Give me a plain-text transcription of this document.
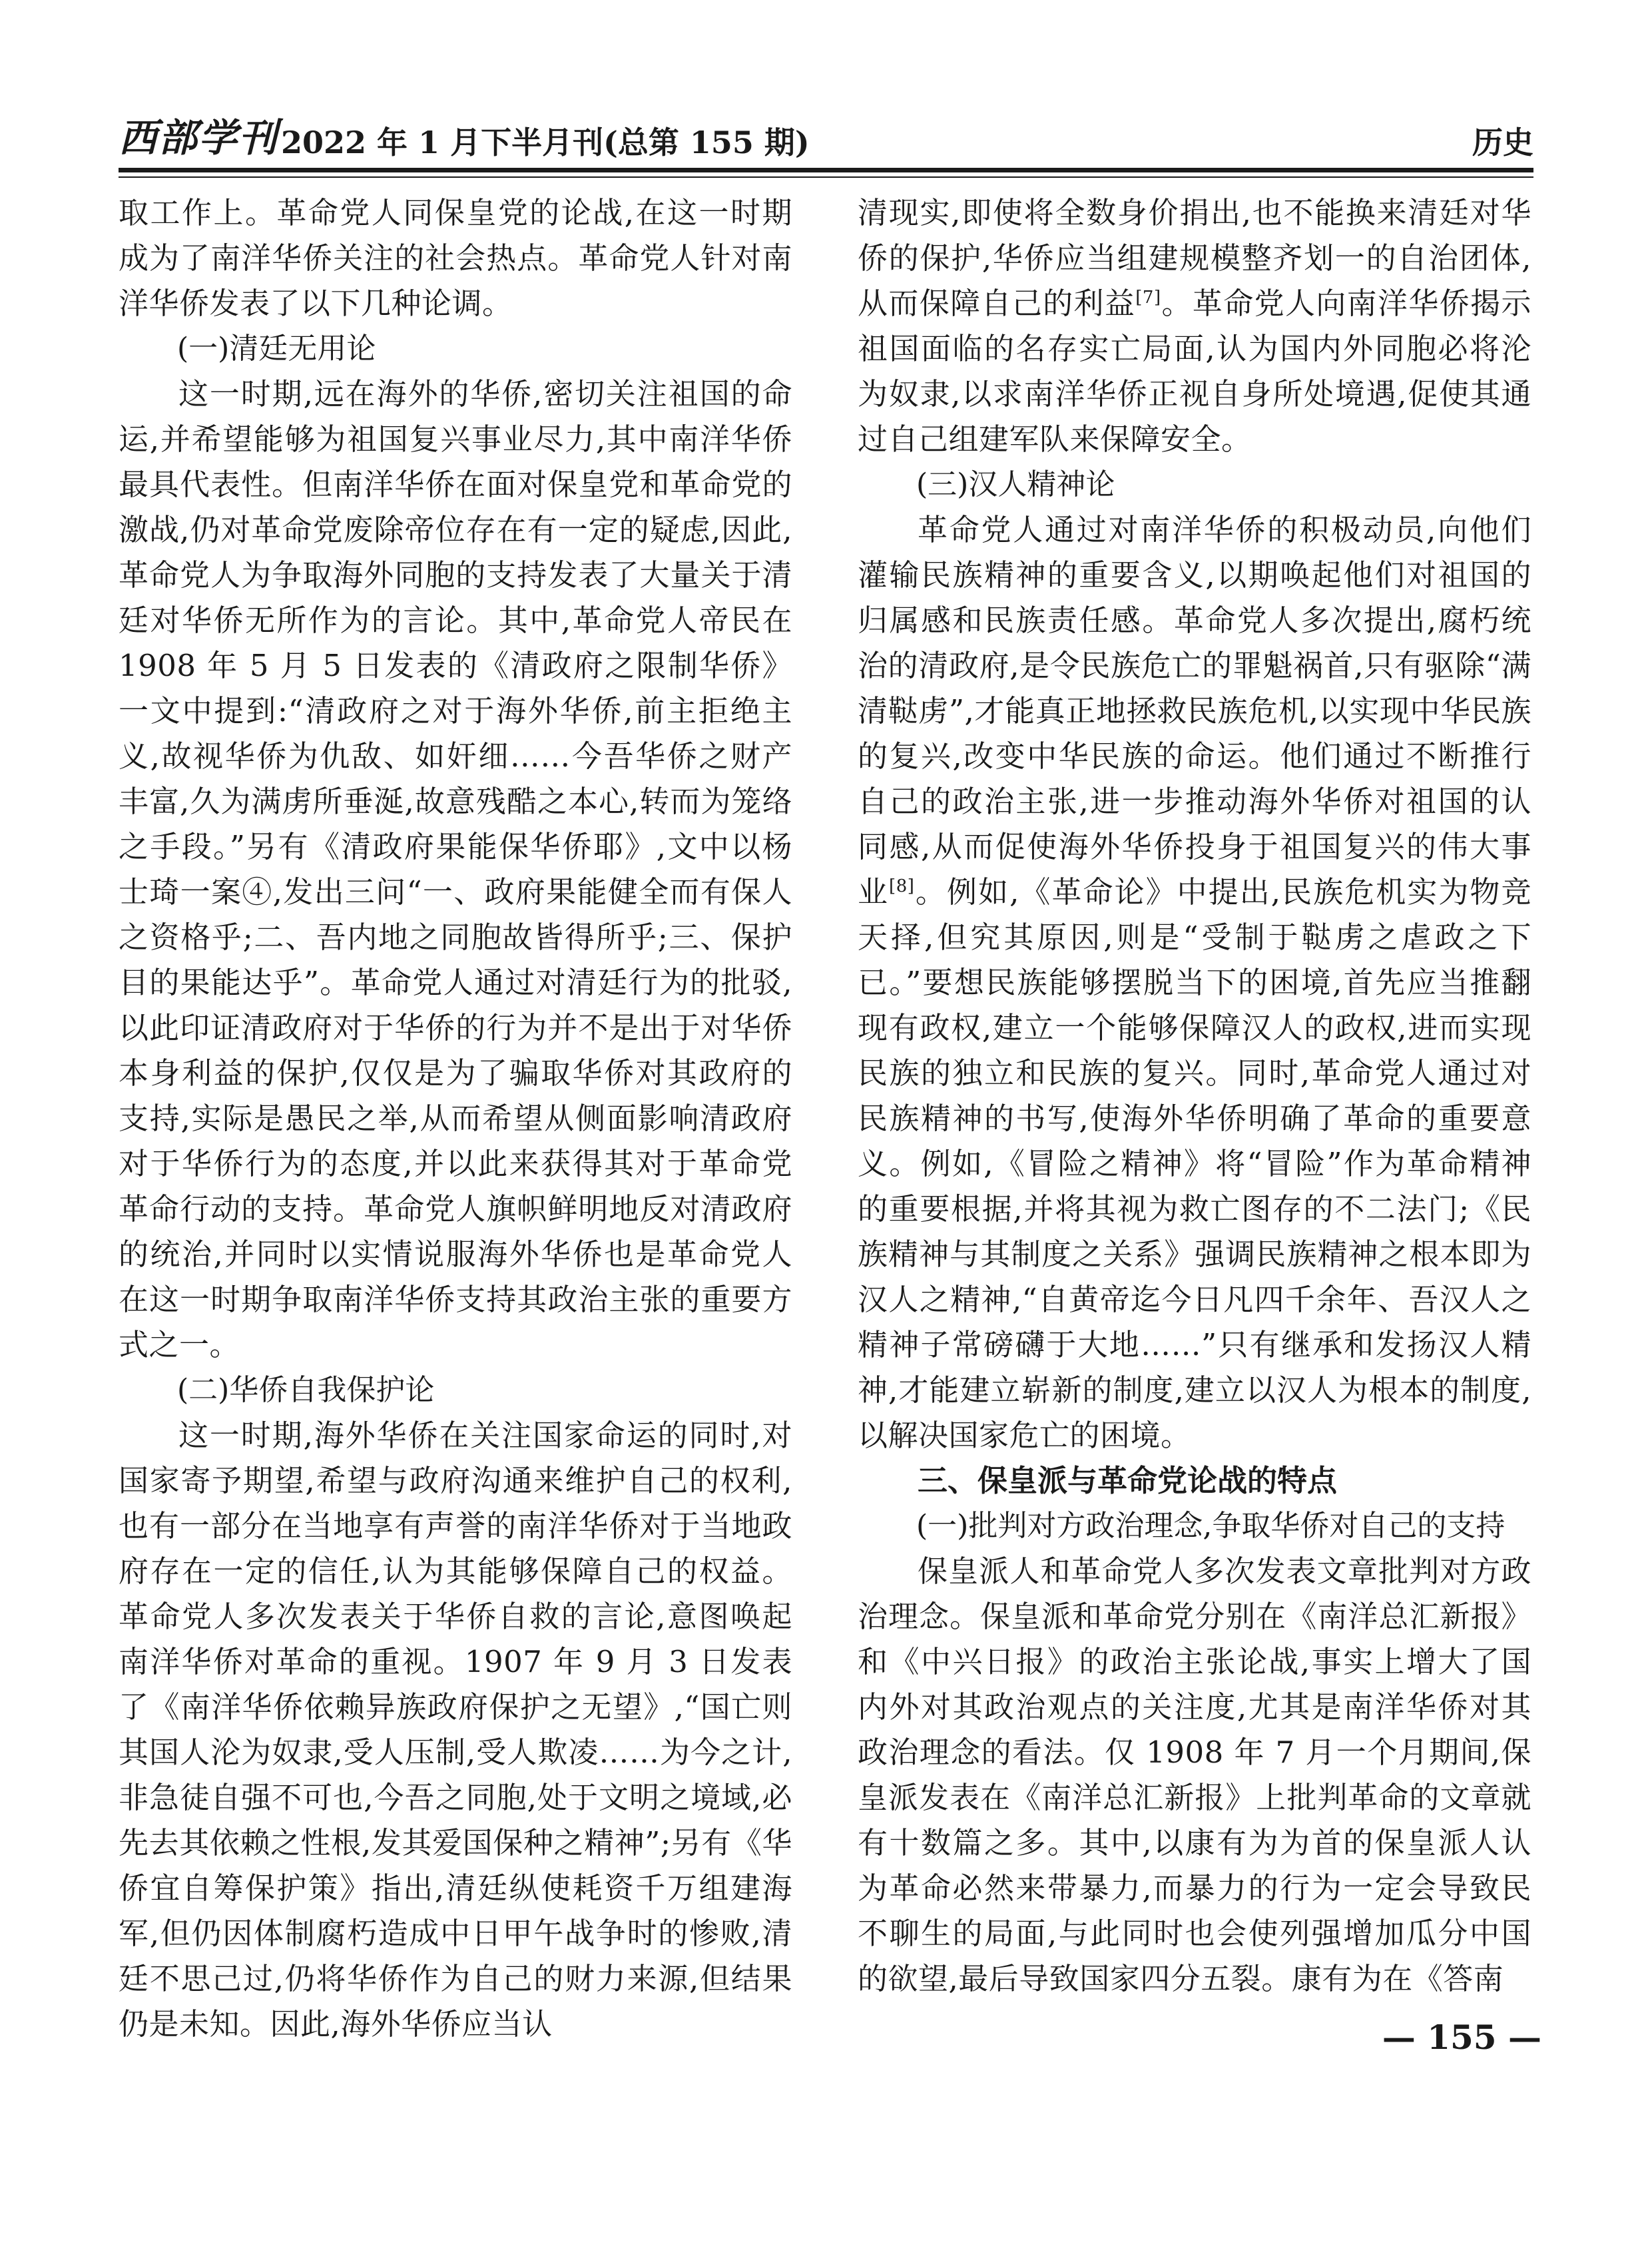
西部学刊 2022 年 1 月下半月刊(总第 155 期)	历史

取工作上。革命党人同保皇党的论战,在这一时期成为了南洋华侨关注的社会热点。革命党人针对南洋华侨发表了以下几种论调。

(一)清廷无用论

这一时期,远在海外的华侨,密切关注祖国的命运,并希望能够为祖国复兴事业尽力,其中南洋华侨最具代表性。但南洋华侨在面对保皇党和革命党的激战,仍对革命党废除帝位存在有一定的疑虑,因此,革命党人为争取海外同胞的支持发表了大量关于清廷对华侨无所作为的言论。其中,革命党人帝民在 1908 年 5 月 5 日发表的《清政府之限制华侨》一文中提到:“清政府之对于海外华侨,前主拒绝主义,故视华侨为仇敌、如奸细……今吾华侨之财产丰富,久为满虏所垂涎,故意残酷之本心,转而为笼络之手段。”另有《清政府果能保华侨耶》,文中以杨士琦一案④,发出三问“一、政府果能健全而有保人之资格乎;二、吾内地之同胞故皆得所乎;三、保护目的果能达乎”。革命党人通过对清廷行为的批驳,以此印证清政府对于华侨的行为并不是出于对华侨本身利益的保护,仅仅是为了骗取华侨对其政府的支持,实际是愚民之举,从而希望从侧面影响清政府对于华侨行为的态度,并以此来获得其对于革命党革命行动的支持。革命党人旗帜鲜明地反对清政府的统治,并同时以实情说服海外华侨也是革命党人在这一时期争取南洋华侨支持其政治主张的重要方式之一。

(二)华侨自我保护论

这一时期,海外华侨在关注国家命运的同时,对国家寄予期望,希望与政府沟通来维护自己的权利,也有一部分在当地享有声誉的南洋华侨对于当地政府存在一定的信任,认为其能够保障自己的权益。革命党人多次发表关于华侨自救的言论,意图唤起南洋华侨对革命的重视。1907 年 9 月 3 日发表了《南洋华侨依赖异族政府保护之无望》,“国亡则其国人沦为奴隶,受人压制,受人欺凌……为今之计,非急徒自强不可也,今吾之同胞,处于文明之境域,必先去其依赖之性根,发其爱国保种之精神”;另有《华侨宜自筹保护策》指出,清廷纵使耗资千万组建海军,但仍因体制腐朽造成中日甲午战争时的惨败,清廷不思己过,仍将华侨作为自己的财力来源,但结果仍是未知。因此,海外华侨应当认

清现实,即使将全数身价捐出,也不能换来清廷对华侨的保护,华侨应当组建规模整齐划一的自治团体,从而保障自己的利益[7]。革命党人向南洋华侨揭示祖国面临的名存实亡局面,认为国内外同胞必将沦为奴隶,以求南洋华侨正视自身所处境遇,促使其通过自己组建军队来保障安全。

(三)汉人精神论

革命党人通过对南洋华侨的积极动员,向他们灌输民族精神的重要含义,以期唤起他们对祖国的归属感和民族责任感。革命党人多次提出,腐朽统治的清政府,是令民族危亡的罪魁祸首,只有驱除“满清鞑虏”,才能真正地拯救民族危机,以实现中华民族的复兴,改变中华民族的命运。他们通过不断推行自己的政治主张,进一步推动海外华侨对祖国的认同感,从而促使海外华侨投身于祖国复兴的伟大事业[8]。例如,《革命论》中提出,民族危机实为物竞天择,但究其原因,则是“受制于鞑虏之虐政之下已。”要想民族能够摆脱当下的困境,首先应当推翻现有政权,建立一个能够保障汉人的政权,进而实现民族的独立和民族的复兴。同时,革命党人通过对民族精神的书写,使海外华侨明确了革命的重要意义。例如,《冒险之精神》将“冒险”作为革命精神的重要根据,并将其视为救亡图存的不二法门;《民族精神与其制度之关系》强调民族精神之根本即为汉人之精神,“自黄帝迄今日凡四千余年、吾汉人之精神子常磅礴于大地……”只有继承和发扬汉人精神,才能建立崭新的制度,建立以汉人为根本的制度,以解决国家危亡的困境。

三、保皇派与革命党论战的特点

(一)批判对方政治理念,争取华侨对自己的支持

保皇派人和革命党人多次发表文章批判对方政治理念。保皇派和革命党分别在《南洋总汇新报》和《中兴日报》的政治主张论战,事实上增大了国内外对其政治观点的关注度,尤其是南洋华侨对其政治理念的看法。仅 1908 年 7 月一个月期间,保皇派发表在《南洋总汇新报》上批判革命的文章就有十数篇之多。其中,以康有为为首的保皇派人认为革命必然来带暴力,而暴力的行为一定会导致民不聊生的局面,与此同时也会使列强增加瓜分中国的欲望,最后导致国家四分五裂。康有为在《答南

— 155 —
